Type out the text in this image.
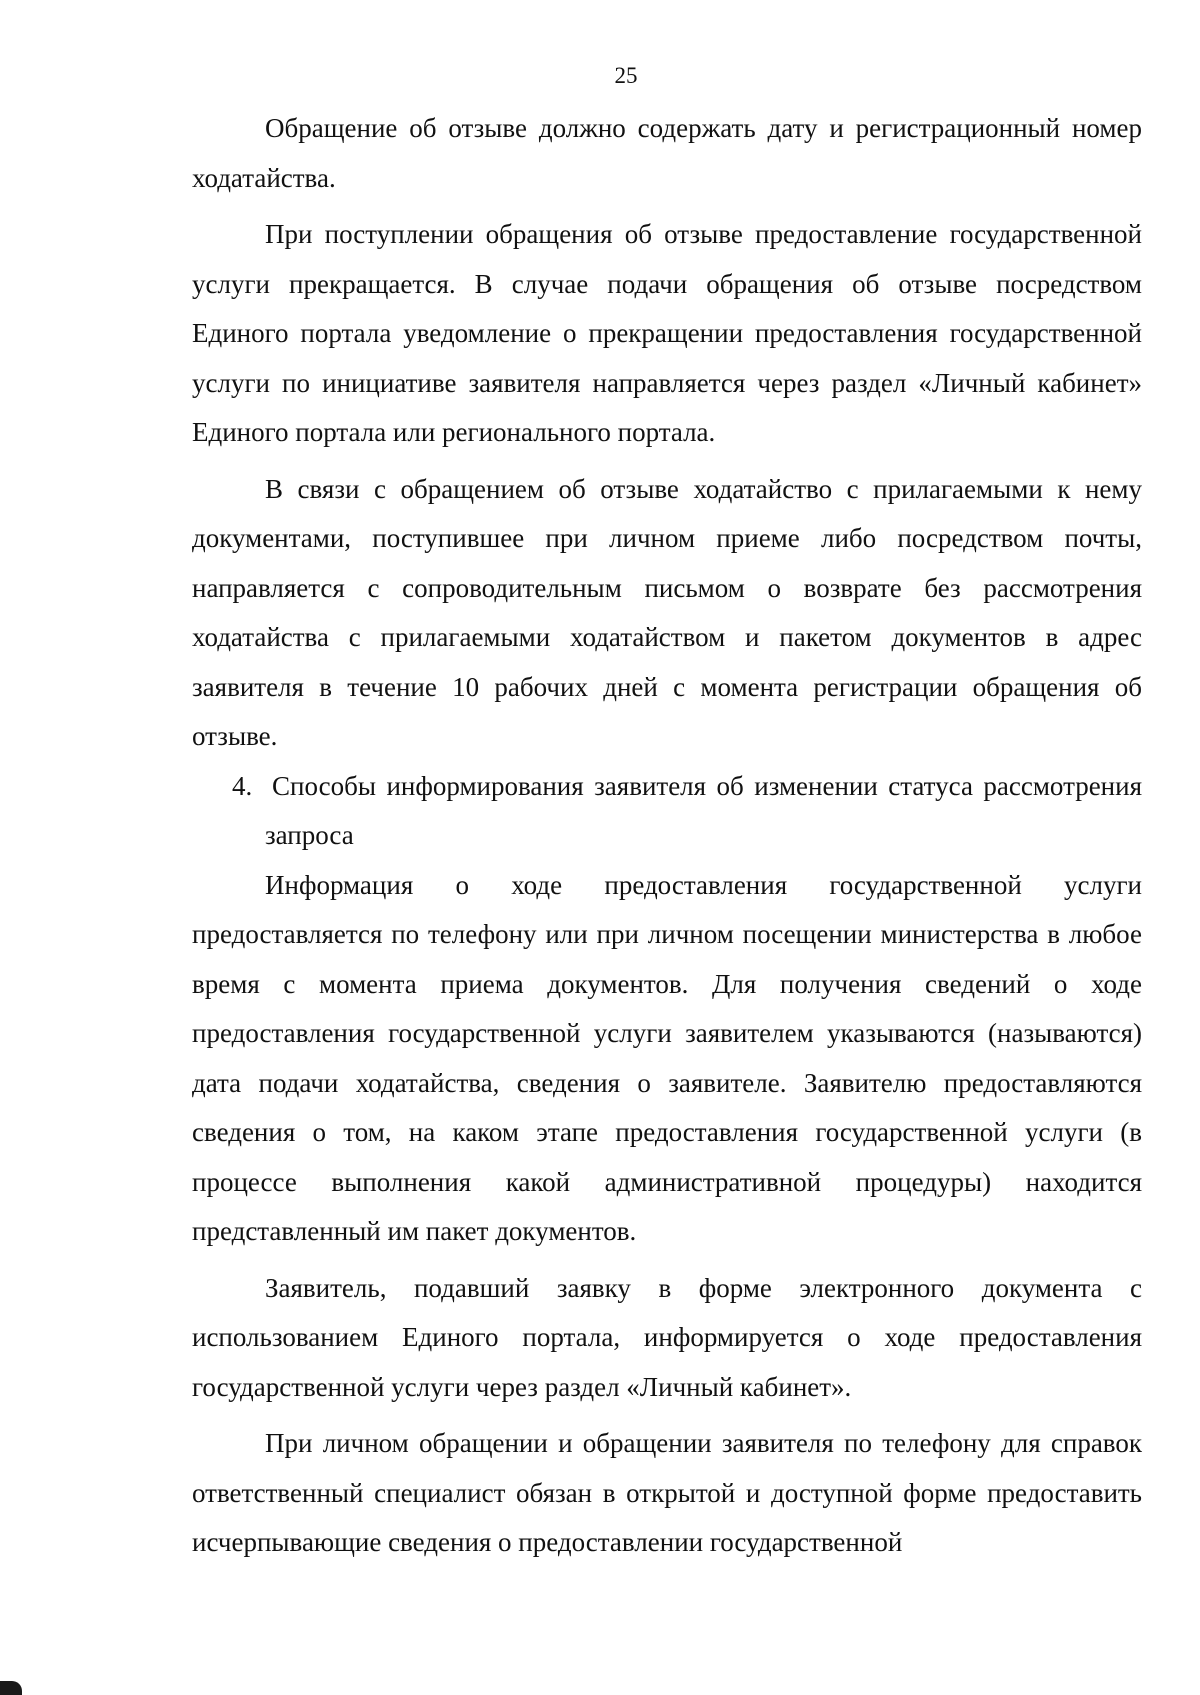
25

Обращение об отзыве должно содержать дату и регистрационный номер ходатайства.

При поступлении обращения об отзыве предоставление государственной услуги прекращается. В случае подачи обращения об отзыве посредством Единого портала уведомление о прекращении предоставления государственной услуги по инициативе заявителя направляется через раздел «Личный кабинет» Единого портала или регионального портала.

В связи с обращением об отзыве ходатайство с прилагаемыми к нему документами, поступившее при личном приеме либо посредством почты, направляется с сопроводительным письмом о возврате без рассмотрения ходатайства с прилагаемыми ходатайством и пакетом документов в адрес заявителя в течение 10 рабочих дней с момента регистрации обращения об отзыве.

4. Способы информирования заявителя об изменении статуса рассмотрения запроса

Информация о ходе предоставления государственной услуги предоставляется по телефону или при личном посещении министерства в любое время с момента приема документов. Для получения сведений о ходе предоставления государственной услуги заявителем указываются (называются) дата подачи ходатайства, сведения о заявителе. Заявителю предоставляются сведения о том, на каком этапе предоставления государственной услуги (в процессе выполнения какой административной процедуры) находится представленный им пакет документов.

Заявитель, подавший заявку в форме электронного документа с использованием Единого портала, информируется о ходе предоставления государственной услуги через раздел «Личный кабинет».

При личном обращении и обращении заявителя по телефону для справок ответственный специалист обязан в открытой и доступной форме предоставить исчерпывающие сведения о предоставлении государственной
